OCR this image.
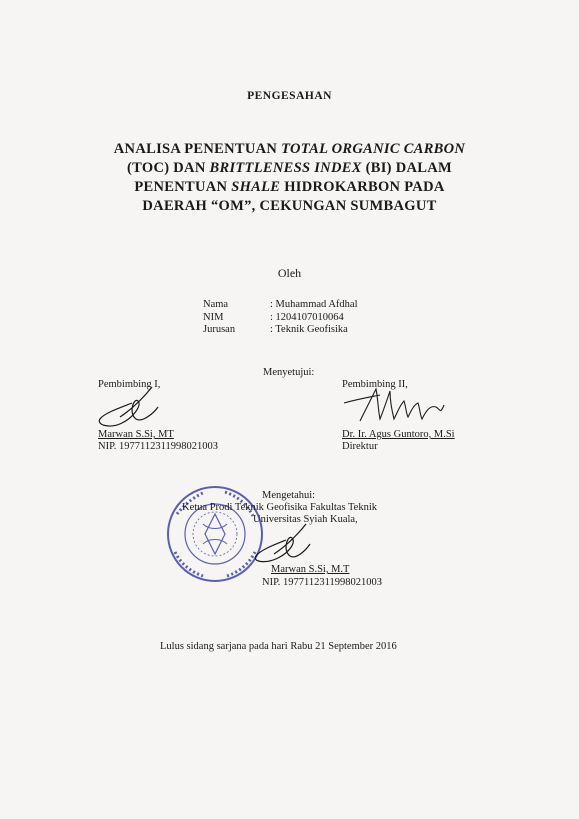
PENGESAHAN
ANALISA PENENTUAN TOTAL ORGANIC CARBON
(TOC) DAN BRITTLENESS INDEX (BI) DALAM
PENENTUAN SHALE HIDROKARBON PADA
DAERAH “OM”, CEKUNGAN SUMBAGUT
Oleh
Nama	: Muhammad Afdhal
NIM	: 1204107010064
Jurusan	: Teknik Geofisika
Menyetujui:
Pembimbing I,
Marwan S.Si, MT
NIP. 197711231199802100З
Pembimbing II,
Dr. Ir. Agus Guntoro, M.Si
Direktur
Mengetahui:
Ketua Prodi Teknik Geofisika Fakultas Teknik
Universitas Syiah Kuala,
Marwan S.Si, M.T
NIP. 197711231199802100З
Lulus sidang sarjana pada hari Rabu 21 September 2016
